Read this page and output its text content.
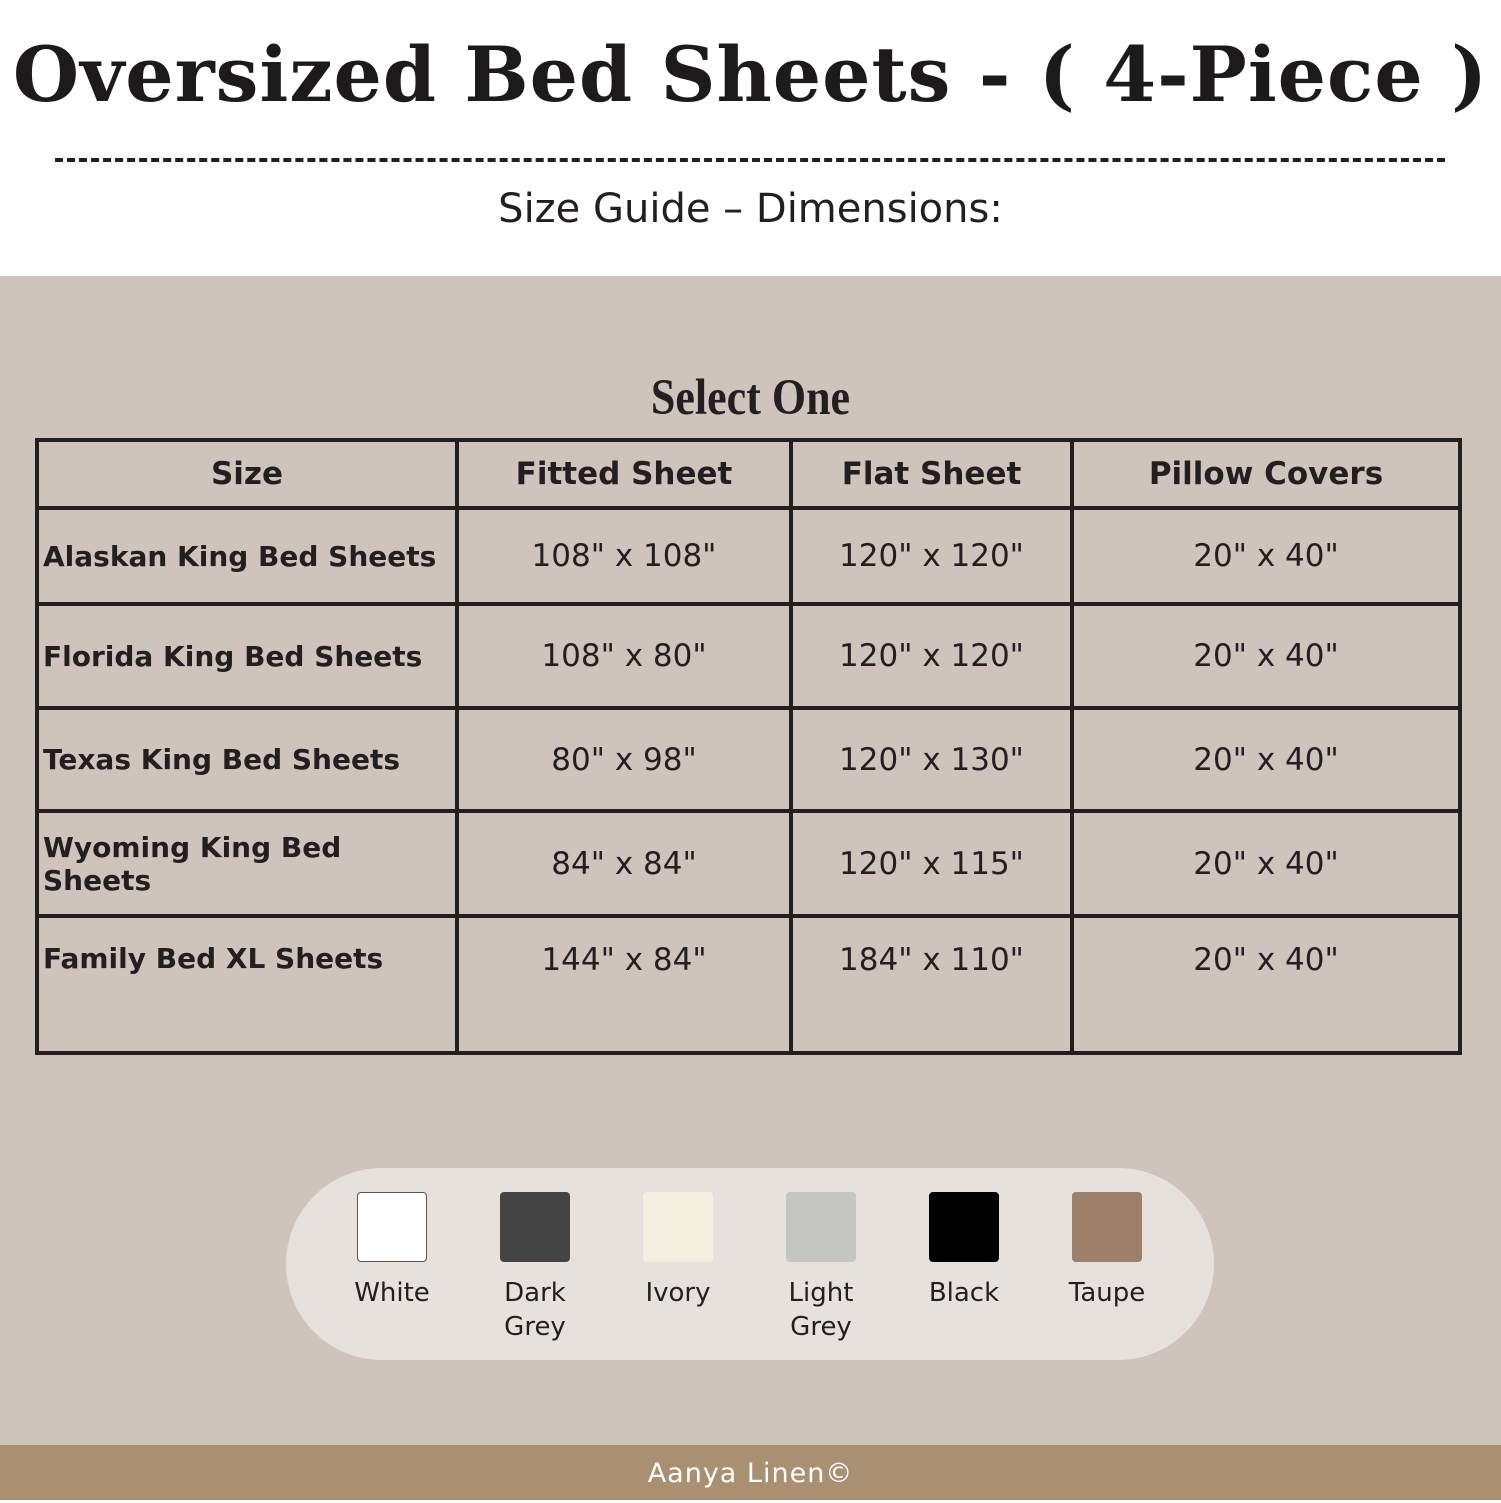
Oversized Bed Sheets - ( 4-Piece )
Size Guide – Dimensions:
Select One
Size	Fitted Sheet	Flat Sheet	Pillow Covers
Alaskan King Bed Sheets	108" x 108"	120" x 120"	20" x 40"
Florida King Bed Sheets	108" x 80"	120" x 120"	20" x 40"
Texas King Bed Sheets	80" x 98"	120" x 130"	20" x 40"
Wyoming King Bed Sheets	84" x 84"	120" x 115"	20" x 40"
Family Bed XL Sheets	144" x 84"	184" x 110"	20" x 40"
White	Dark Grey
Ivory	Light Grey
Black	Taupe
Aanya Linen©
